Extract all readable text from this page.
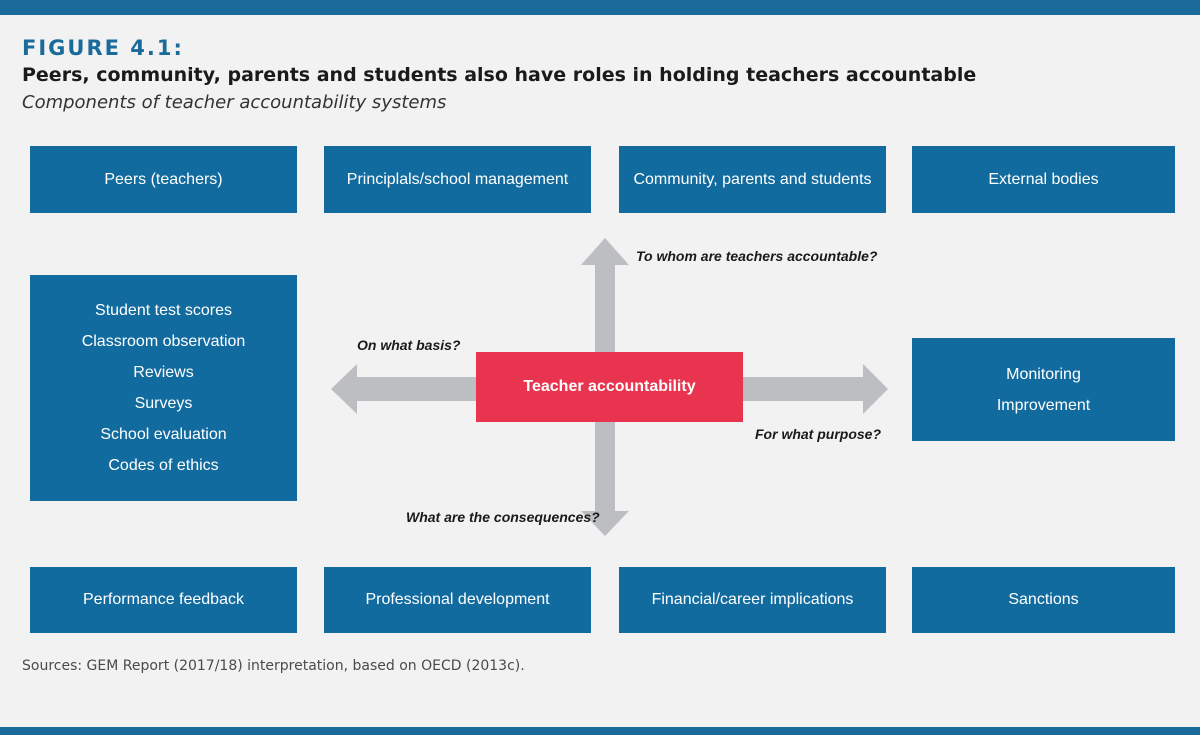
FIGURE 4.1:
Peers, community, parents and students also have roles in holding teachers accountable

Components of teacher accountability systems

Peers (teachers)	Principlals/school management	Community, parents and students	External bodies
Student test scores
Classroom observation
Reviews
Surveys
School evaluation
Codes of ethics
Teacher accountability
Monitoring
Improvement
To whom are teachers accountable?
On what basis?
For what purpose?
What are the consequences?
Performance feedback	Professional development	Financial/career implications	Sanctions

Sources: GEM Report (2017/18) interpretation, based on OECD (2013c).
